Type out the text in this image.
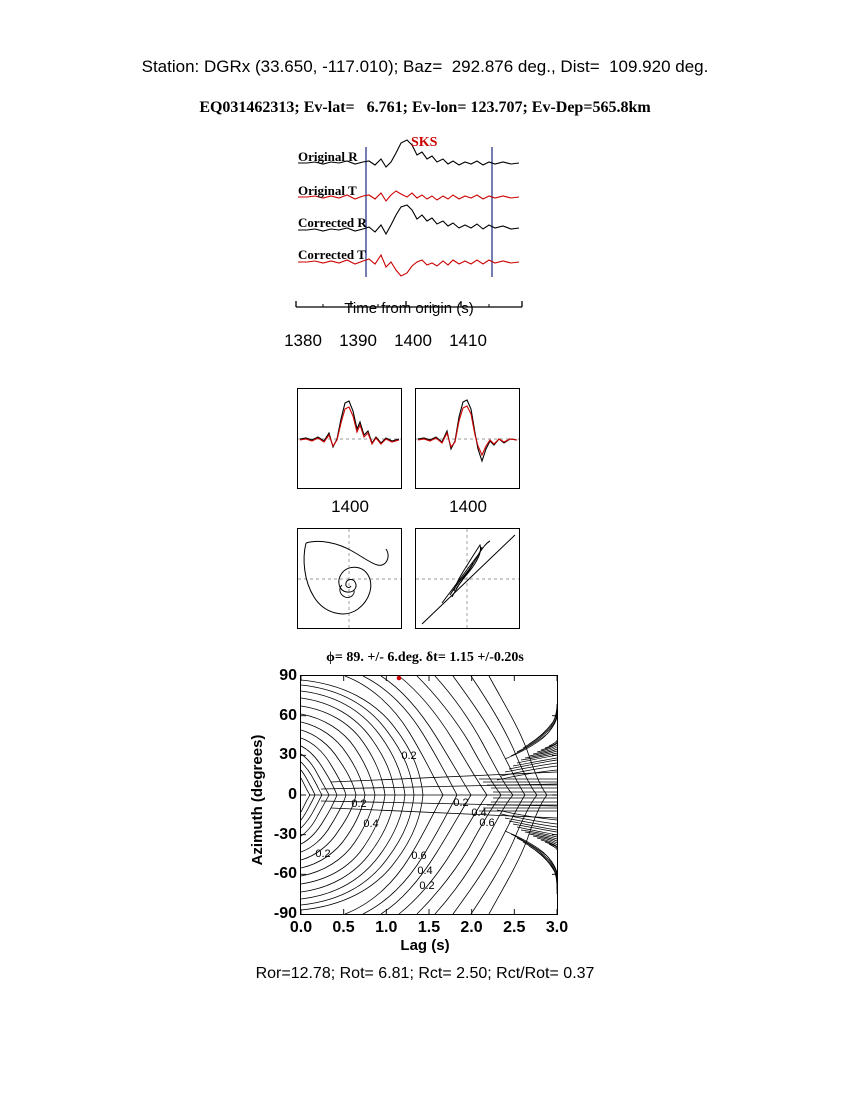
Station: DGRx (33.650, -117.010); Baz=  292.876 deg., Dist=  109.920 deg.
EQ031462313; Ev-lat=   6.761; Ev-lon= 123.707; Ev-Dep=565.8km
SKS
Original R
Original T
Corrected R
Corrected T
Time from origin (s)
1380	1390	1400	1410
1400	1400
ϕ= 89. +/- 6.deg. δt= 1.15 +/-0.20s
Azimuth (degrees)
Lag (s)
90
60
30
0
-30
-60
-90
0.0 0.5 1.0 1.5 2.0 2.5 3.0
0.2
0.2	0.2
0.4
0.6
0.4
0.2	0.6
0.4
0.2
Ror=12.78; Rot= 6.81; Rct= 2.50; Rct/Rot= 0.37
